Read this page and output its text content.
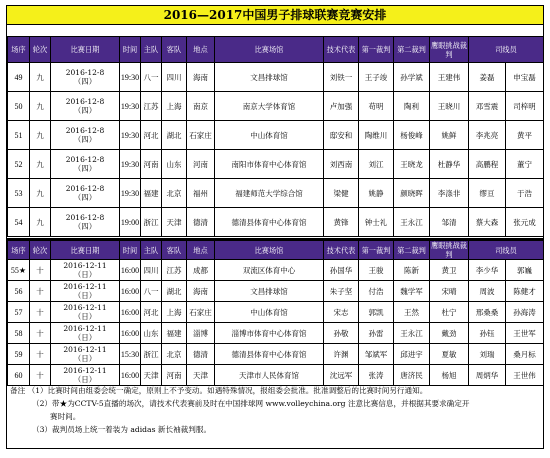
2016—2017中国男子排球联赛竞赛安排
场序	轮次	比赛日期	时间	主队	客队	地点	比赛场馆	技术代表	第一裁判	第二裁判	鹰眼挑战裁判	司线员	
49	九	2016-12-8
（四）	19:30	八一	四川	海南	文昌排球馆	刘铁一	王子竣	孙学斌	王建伟	姜磊	申宝磊
50	九	2016-12-8
（四）	19:30	江苏	上海	南京	南京大学体育馆	卢加强	苟明	陶利	王晓川	邓雪震	司梓明
51	九	2016-12-8
（四）	19:30	河北	湖北	石家庄	中山体育馆	邸安和	陶维川	杨俊峰	姚鲜	李兆亮	黄平
52	九	2016-12-8
（四）	19:30	河南	山东	河南	南阳市体育中心体育馆	刘西南	刘江	王晓龙	杜静华	高鹏程	董宁
53	九	2016-12-8
（四）	19:30	福建	北京	福州	福建师范大学综合馆	梁健	姚静	颜晓晖	李涤非	缪亘	于浩
54	九	2016-12-8
（四）	19:00	浙江	天津	德清	德清县体育中心体育馆	黄锋	钟士礼	王永江	邹清	蔡大森	张元成
场序	轮次	比赛日期	时间	主队	客队	地点	比赛场馆	技术代表	第一裁判	第二裁判	鹰眼挑战裁判	司线员	
55★	十	2016-12-11
（日）	16:00	四川	江苏	成都	双流区体育中心	孙国华	王骏	陈新	黄卫	李少华	郭巍
56	十	2016-12-11
（日）	16:00	八一	湖北	海南	文昌排球馆	朱子坚	付浩	魏学军	宋晴	周波	陈健才
57	十	2016-12-11
（日）	16:00	河北	上海	石家庄	中山体育馆	宋志	郭凯	王然	杜宁	邢桑桑	孙海涛
58	十	2016-12-11
（日）	16:00	山东	福建	淄博	淄博市体育中心体育馆	孙敬	孙雷	王永江	戴劲	孙钰	王世军
59	十	2016-12-11
（日）	15:30	浙江	北京	德清	德清县体育中心体育馆	许渊	邹斌军	邱进宇	夏敏	刘瑞	桑月标
60	十	2016-12-11
（日）	16:00	天津	河南	天津	天津市人民体育馆	沈远军	张涛	唐济民	杨旭	周炳华	王世伟

备注 （1）比赛时间由组委会统一确定，原则上不予变动。如遇特殊情况，报组委会批准。批准调整后的比赛时间另行通知。

（2）带★为CCTV-5直播的场次，请技术代表赛前及时在中国排球网 www.volleychina.org 注意比赛信息，并根据其要求确定开

赛时间。

（3）裁判员场上统一着装为 adidas 新长袖裁判服。
